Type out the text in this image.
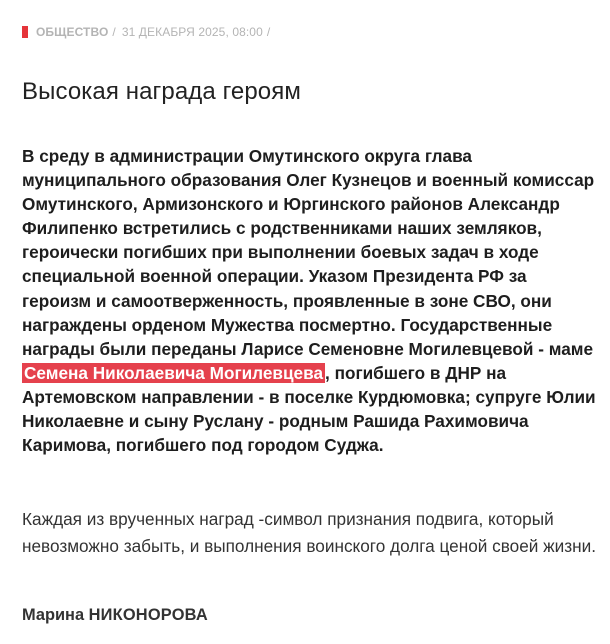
ОБЩЕСТВО / 31 ДЕКАБРЯ 2025, 08:00 /
Высокая награда героям

В среду в администрации Омутинского округа глава муниципального образования Олег Кузнецов и военный комиссар Омутинского, Армизонского и Юргинского районов Александр Филипенко встретились с родственниками наших земляков, героически погибших при выполнении боевых задач в ходе специальной военной операции. Указом Президента РФ за героизм и самоотверженность, проявленные в зоне СВО, они награждены орденом Мужества посмертно. Государственные награды были переданы Ларисе Семеновне Могилевцевой - маме Семена Николаевича Могилевцева , погибшего в ДНР на Артемовском направлении - в поселке Курдюмовка; супруге Юлии Николаевне и сыну Руслану - родным Рашида Рахимовича Каримова, погибшего под городом Суджа.

Каждая из врученных наград -символ признания подвига, который невозможно забыть, и выполнения воинского долга ценой своей жизни.

Марина НИКОНОРОВА
